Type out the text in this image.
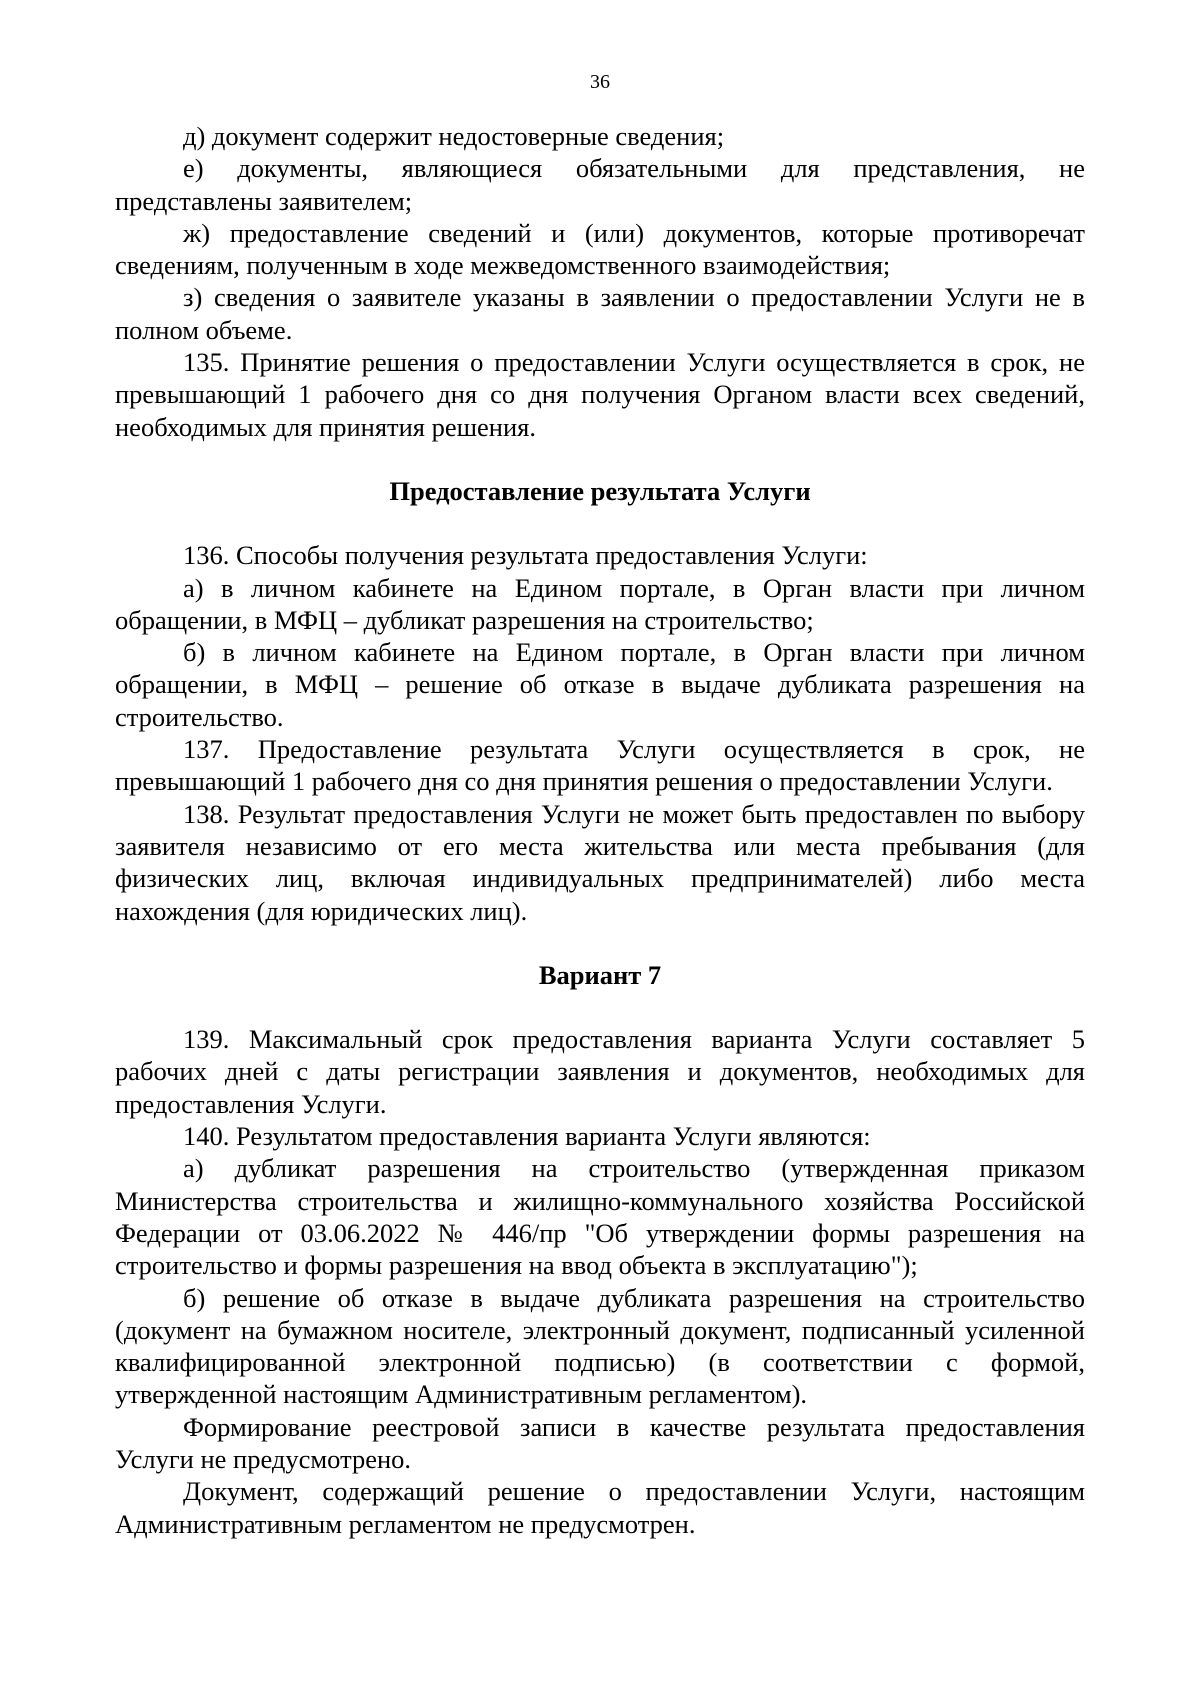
36

д) документ содержит недостоверные сведения;

е) документы, являющиеся обязательными для представления, не представлены заявителем;

ж) предоставление сведений и (или) документов, которые противоречат сведениям, полученным в ходе межведомственного взаимодействия;

з) сведения о заявителе указаны в заявлении о предоставлении Услуги не в полном объеме.

135. Принятие решения о предоставлении Услуги осуществляется в срок, не превышающий 1 рабочего дня со дня получения Органом власти всех сведений, необходимых для принятия решения.

Предоставление результата Услуги

136. Способы получения результата предоставления Услуги:

а) в личном кабинете на Едином портале, в Орган власти при личном обращении, в МФЦ – дубликат разрешения на строительство;

б) в личном кабинете на Едином портале, в Орган власти при личном обращении, в МФЦ – решение об отказе в выдаче дубликата разрешения на строительство.

137. Предоставление результата Услуги осуществляется в срок, не превышающий 1 рабочего дня со дня принятия решения о предоставлении Услуги.

138. Результат предоставления Услуги не может быть предоставлен по выбору заявителя независимо от его места жительства или места пребывания (для физических лиц, включая индивидуальных предпринимателей) либо места нахождения (для юридических лиц).

Вариант 7

139. Максимальный срок предоставления варианта Услуги составляет 5 рабочих дней с даты регистрации заявления и документов, необходимых для предоставления Услуги.

140. Результатом предоставления варианта Услуги являются:

а) дубликат разрешения на строительство (утвержденная приказом Министерства строительства и жилищно-коммунального хозяйства Российской Федерации от 03.06.2022 № 446/пр "Об утверждении формы разрешения на строительство и формы разрешения на ввод объекта в эксплуатацию");

б) решение об отказе в выдаче дубликата разрешения на строительство (документ на бумажном носителе, электронный документ, подписанный усиленной квалифицированной электронной подписью) (в соответствии с формой, утвержденной настоящим Административным регламентом).

Формирование реестровой записи в качестве результата предоставления Услуги не предусмотрено.

Документ, содержащий решение о предоставлении Услуги, настоящим Административным регламентом не предусмотрен.
